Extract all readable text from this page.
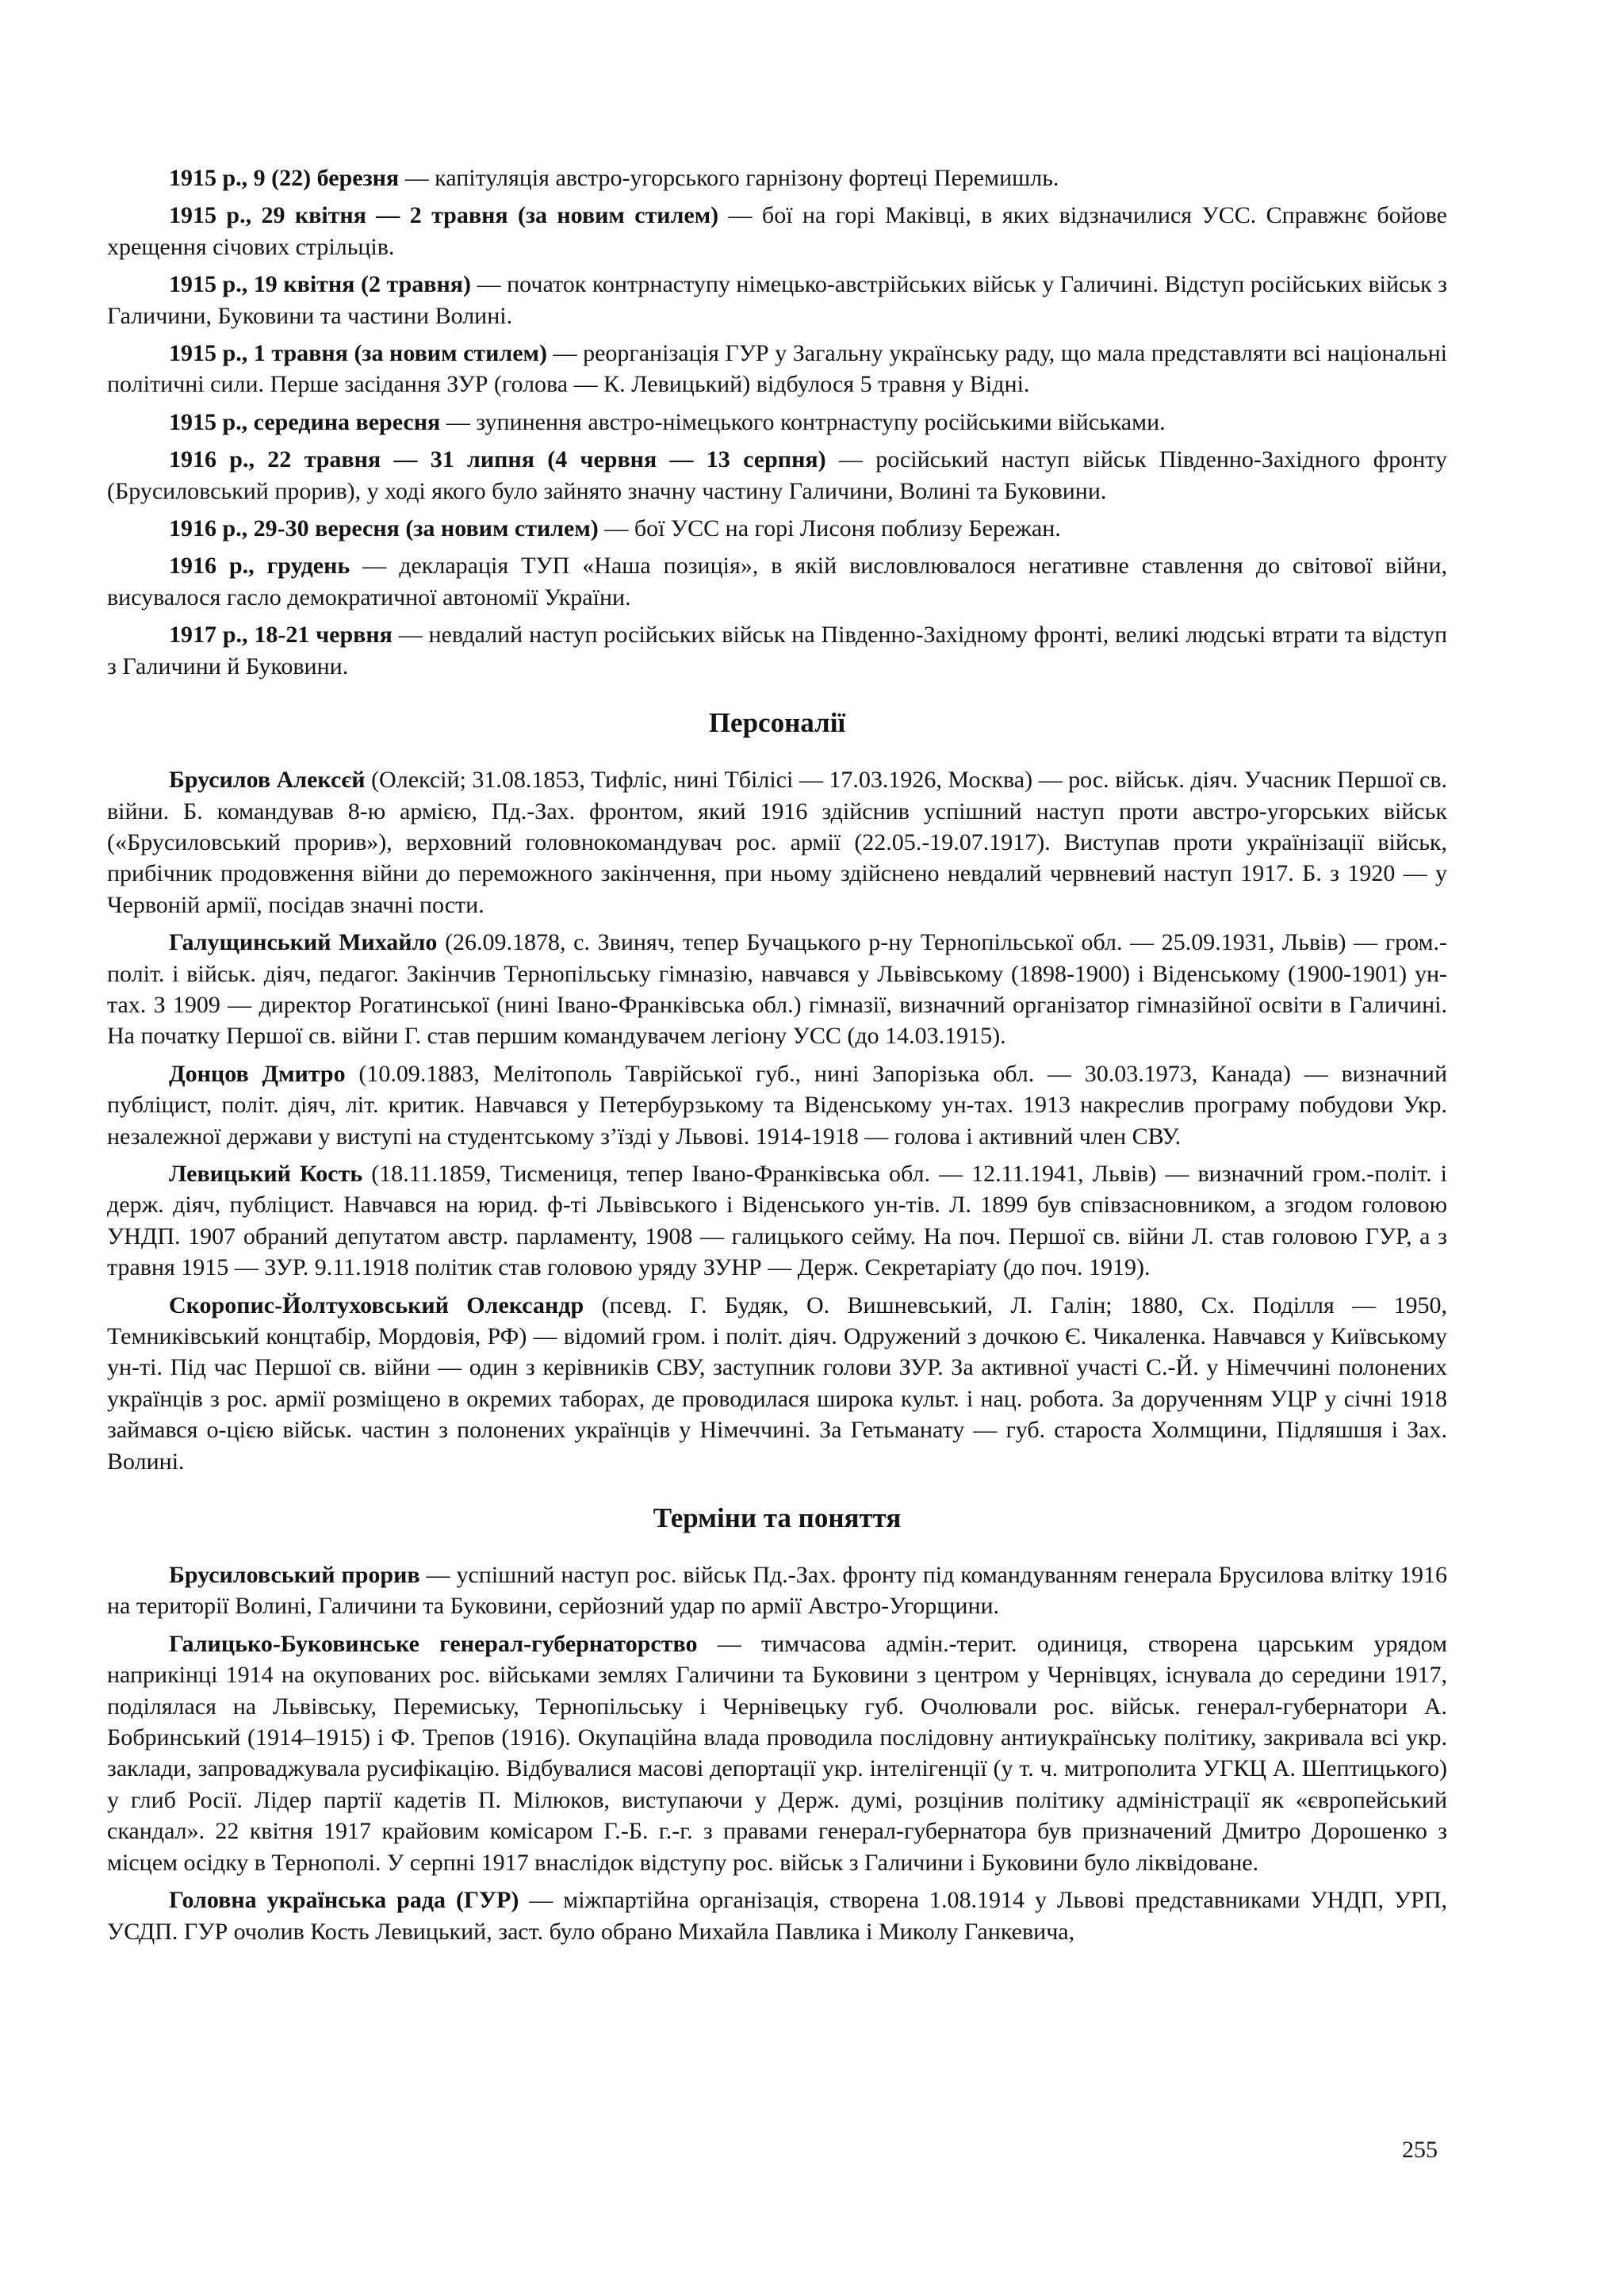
1915 р., 9 (22) березня — капітуляція австро-угорського гарнізону фортеці Перемишль.

1915 р., 29 квітня — 2 травня (за новим стилем) — бої на горі Маківці, в яких відзначилися УСС. Справжнє бойове хрещення січових стрільців.

1915 р., 19 квітня (2 травня) — початок контрнаступу німецько-австрійських військ у Галичині. Відступ російських військ з Галичини, Буковини та частини Волині.

1915 р., 1 травня (за новим стилем) — реорганізація ГУР у Загальну українську раду, що мала представляти всі національні політичні сили. Перше засідання ЗУР (голова — К. Левицький) відбулося 5 травня у Відні.

1915 р., середина вересня — зупинення австро-німецького контрнаступу російськими військами.

1916 р., 22 травня — 31 липня (4 червня — 13 серпня) — російський наступ військ Південно-Західного фронту (Брусиловський прорив), у ході якого було зайнято значну частину Галичини, Волині та Буковини.

1916 р., 29-30 вересня (за новим стилем) — бої УСС на горі Лисоня поблизу Бережан.

1916 р., грудень — декларація ТУП «Наша позиція», в якій висловлювалося негативне ставлення до світової війни, висувалося гасло демократичної автономії України.

1917 р., 18-21 червня — невдалий наступ російських військ на Південно-Західному фронті, великі людські втрати та відступ з Галичини й Буковини.

Персоналії

Брусилов Алексєй (Олексій; 31.08.1853, Тифліс, нині Тбілісі — 17.03.1926, Москва) — рос. військ. діяч. Учасник Першої св. війни. Б. командував 8-ю армією, Пд.-Зах. фронтом, який 1916 здійснив успішний наступ проти австро-угорських військ («Брусиловський прорив»), верховний головнокомандувач рос. армії (22.05.-19.07.1917). Виступав проти українізації військ, прибічник продовження війни до переможного закінчення, при ньому здійснено невдалий червневий наступ 1917. Б. з 1920 — у Червоній армії, посідав значні пости.

Галущинський Михайло (26.09.1878, с. Звиняч, тепер Бучацького р-ну Тернопільської обл. — 25.09.1931, Львів) — гром.-політ. і військ. діяч, педагог. Закінчив Тернопільську гімназію, навчався у Львівському (1898-1900) і Віденському (1900-1901) ун-тах. З 1909 — директор Рогатинської (нині Івано-Франківська обл.) гімназії, визначний організатор гімназійної освіти в Галичині. На початку Першої св. війни Г. став першим командувачем легіону УСС (до 14.03.1915).

Донцов Дмитро (10.09.1883, Мелітополь Таврійської губ., нині Запорізька обл. — 30.03.1973, Канада) — визначний публіцист, політ. діяч, літ. критик. Навчався у Петербурзькому та Віденському ун-тах. 1913 накреслив програму побудови Укр. незалежної держави у виступі на студентському з’їзді у Львові. 1914-1918 — голова і активний член СВУ.

Левицький Кость (18.11.1859, Тисмениця, тепер Івано-Франківська обл. — 12.11.1941, Львів) — визначний гром.-політ. і держ. діяч, публіцист. Навчався на юрид. ф-ті Львівського і Віденського ун-тів. Л. 1899 був співзасновником, а згодом головою УНДП. 1907 обраний депутатом австр. парламенту, 1908 — галицького сейму. На поч. Першої св. війни Л. став головою ГУР, а з травня 1915 — ЗУР. 9.11.1918 політик став головою уряду ЗУНР — Держ. Секретаріату (до поч. 1919).

Скоропис-Йолтуховський Олександр (псевд. Г. Будяк, О. Вишневський, Л. Галін; 1880, Сх. Поділля — 1950, Темниківський концтабір, Мордовія, РФ) — відомий гром. і політ. діяч. Одружений з дочкою Є. Чикаленка. Навчався у Київському ун-ті. Під час Першої св. війни — один з керівників СВУ, заступник голови ЗУР. За активної участі С.-Й. у Німеччині полонених українців з рос. армії розміщено в окремих таборах, де проводилася широка культ. і нац. робота. За дорученням УЦР у січні 1918 займався о-цією військ. частин з полонених українців у Німеччині. За Гетьманату — губ. староста Холмщини, Підляшшя і Зах. Волині.

Терміни та поняття

Брусиловський прорив — успішний наступ рос. військ Пд.-Зах. фронту під командуванням генерала Брусилова влітку 1916 на території Волині, Галичини та Буковини, серйозний удар по армії Австро-Угорщини.

Галицько-Буковинське генерал-губернаторство — тимчасова адмін.-терит. одиниця, створена царським урядом наприкінці 1914 на окупованих рос. військами землях Галичини та Буковини з центром у Чернівцях, існувала до середини 1917, поділялася на Львівську, Перемиську, Тернопільську і Чернівецьку губ. Очолювали рос. військ. генерал-губернатори А. Бобринський (1914–1915) і Ф. Трепов (1916). Окупаційна влада проводила послідовну антиукраїнську політику, закривала всі укр. заклади, запроваджувала русифікацію. Відбувалися масові депортації укр. інтелігенції (у т. ч. митрополита УГКЦ А. Шептицького) у глиб Росії. Лідер партії кадетів П. Мілюков, виступаючи у Держ. думі, розцінив політику адміністрації як «європейський скандал». 22 квітня 1917 крайовим комісаром Г.-Б. г.-г. з правами генерал-губернатора був призначений Дмитро Дорошенко з місцем осідку в Тернополі. У серпні 1917 внаслідок відступу рос. військ з Галичини і Буковини було ліквідоване.

Головна українська рада (ГУР) — міжпартійна організація, створена 1.08.1914 у Львові представниками УНДП, УРП, УСДП. ГУР очолив Кость Левицький, заст. було обрано Михайла Павлика і Миколу Ганкевича,

255
